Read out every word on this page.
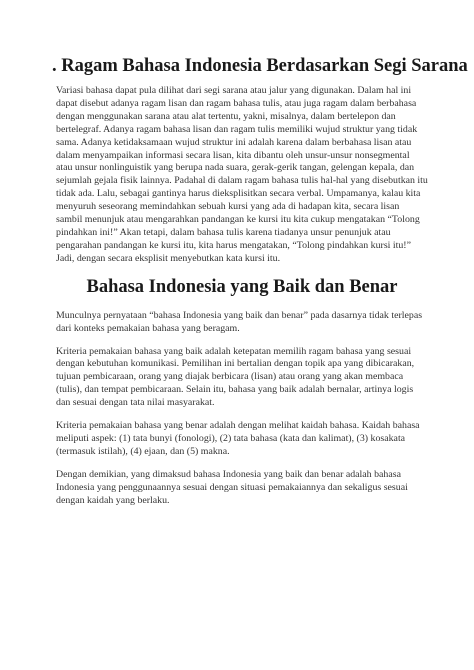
. Ragam Bahasa Indonesia Berdasarkan Segi Sarana

Variasi bahasa dapat pula dilihat dari segi sarana atau jalur yang digunakan. Dalam hal ini dapat disebut adanya ragam lisan dan ragam bahasa tulis, atau juga ragam dalam berbahasa dengan menggunakan sarana atau alat tertentu, yakni, misalnya, dalam bertelepon dan bertelegraf. Adanya ragam bahasa lisan dan ragam tulis memiliki wujud struktur yang tidak sama. Adanya ketidaksamaan wujud struktur ini adalah karena dalam berbahasa lisan atau dalam menyampaikan informasi secara lisan, kita dibantu oleh unsur-unsur nonsegmental atau unsur nonlinguistik yang berupa nada suara, gerak-gerik tangan, gelengan kepala, dan sejumlah gejala fisik lainnya. Padahal di dalam ragam bahasa tulis hal-hal yang disebutkan itu tidak ada. Lalu, sebagai gantinya harus dieksplisitkan secara verbal. Umpamanya, kalau kita menyuruh seseorang memindahkan sebuah kursi yang ada di hadapan kita, secara lisan sambil menunjuk atau mengarahkan pandangan ke kursi itu kita cukup mengatakan “Tolong pindahkan ini!” Akan tetapi, dalam bahasa tulis karena tiadanya unsur penunjuk atau pengarahan pandangan ke kursi itu, kita harus mengatakan, “Tolong pindahkan kursi itu!” Jadi, dengan secara eksplisit menyebutkan kata kursi itu.

Bahasa Indonesia yang Baik dan Benar

Munculnya pernyataan “bahasa Indonesia yang baik dan benar” pada dasarnya tidak terlepas dari konteks pemakaian bahasa yang beragam.

Kriteria pemakaian bahasa yang baik adalah ketepatan memilih ragam bahasa yang sesuai dengan kebutuhan komunikasi. Pemilihan ini bertalian dengan topik apa yang dibicarakan, tujuan pembicaraan, orang yang diajak berbicara (lisan) atau orang yang akan membaca (tulis), dan tempat pembicaraan. Selain itu, bahasa yang baik adalah bernalar, artinya logis dan sesuai dengan tata nilai masyarakat.

Kriteria pemakaian bahasa yang benar adalah dengan melihat kaidah bahasa. Kaidah bahasa meliputi aspek: (1) tata bunyi (fonologi), (2) tata bahasa (kata dan kalimat), (3) kosakata (termasuk istilah), (4) ejaan, dan (5) makna.

Dengan demikian, yang dimaksud bahasa Indonesia yang baik dan benar adalah bahasa Indonesia yang penggunaannya sesuai dengan situasi pemakaiannya dan sekaligus sesuai dengan kaidah yang berlaku.
